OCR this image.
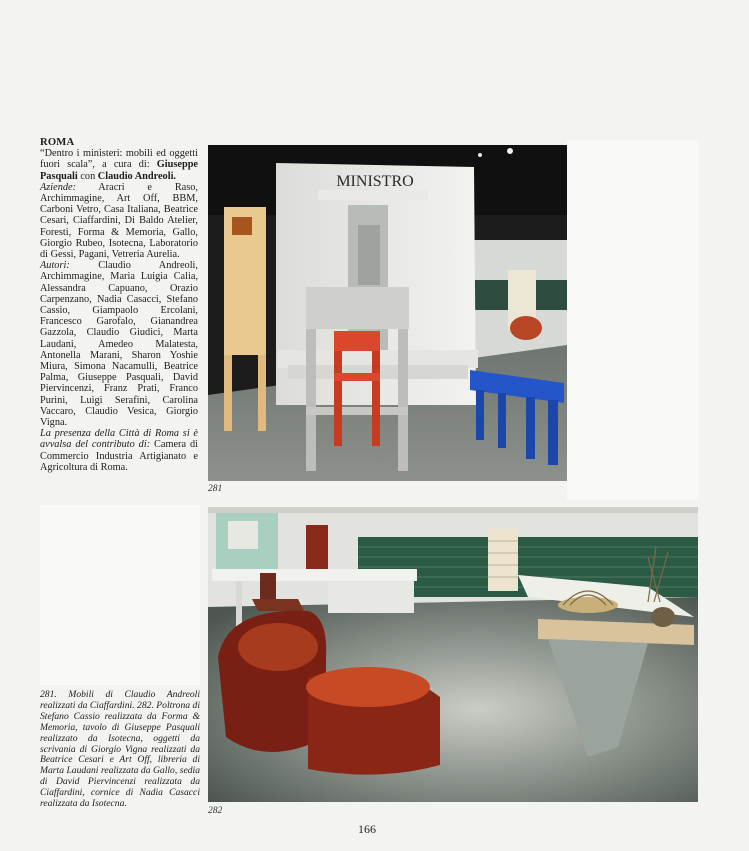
ROMA

“Dentro i ministeri: mobili ed oggetti fuori scala”, a cura di: Giuseppe Pasquali con Claudio Andreoli.

Aziende: Aracri e Raso, Archimmagine, Art Off, BBM, Carboni Vetro, Casa Italiana, Beatrice Cesari, Ciaffardini, Di Baldo Atelier, Foresti, Forma & Memoria, Gallo, Giorgio Rubeo, Isotecna, Laboratorio di Gessi, Pagani, Vetreria Aurelia.

Autori: Claudio Andreoli, Archimmagine, Maria Luigia Calia, Alessandra Capuano, Orazio Carpenzano, Nadia Casacci, Stefano Cassio, Giampaolo Ercolani, Francesco Garofalo, Gianandrea Gazzola, Claudio Giudici, Marta Laudani, Amedeo Malatesta, Antonella Marani, Sharon Yoshie Miura, Simona Nacamulli, Beatrice Palma, Giuseppe Pasquali, David Piervincenzi, Franz Prati, Franco Purini, Luigi Serafini, Carolina Vaccaro, Claudio Vesica, Giorgio Vigna.

La presenza della Città di Roma si è avvalsa del contributo di: Camera di Commercio Industria Artigianato e Agricoltura di Roma.

MINISTRO
281
282
281. Mobili di Claudio Andreoli realizzati da Ciaffardini. 282. Poltrona di Stefano Cassio realizzata da Forma & Memoria, tavolo di Giuseppe Pasquali realizzato da Isotecna, oggetti da scrivania di Giorgio Vigna realizzati da Beatrice Cesari e Art Off, libreria di Marta Laudani realizzata da Gallo, sedia di David Piervincenzi realizzata da Ciaffardini, cornice di Nadia Casacci realizzata da Isotecna.
166
